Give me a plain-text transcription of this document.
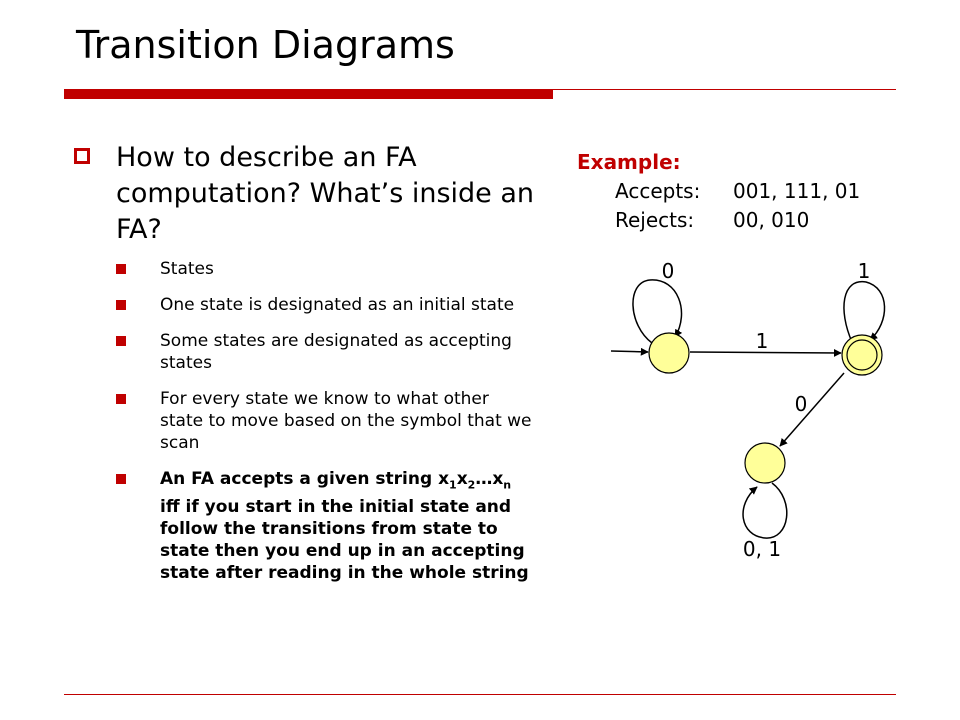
Transition Diagrams
How to describe an FA computation? What’s inside an FA?
States
One state is designated as an initial state
Some states are designated as accepting states
For every state we know to what other state to move based on the symbol that we scan
An FA accepts a given string $x_1x_2\dots x_n$ iff if you start in the initial state and follow the transitions from state to state then you end up in an accepting state after reading in the whole string
Example:
Accepts: 001, 111, 01
Rejects: 00, 010
0
1
1
0
0, 1
